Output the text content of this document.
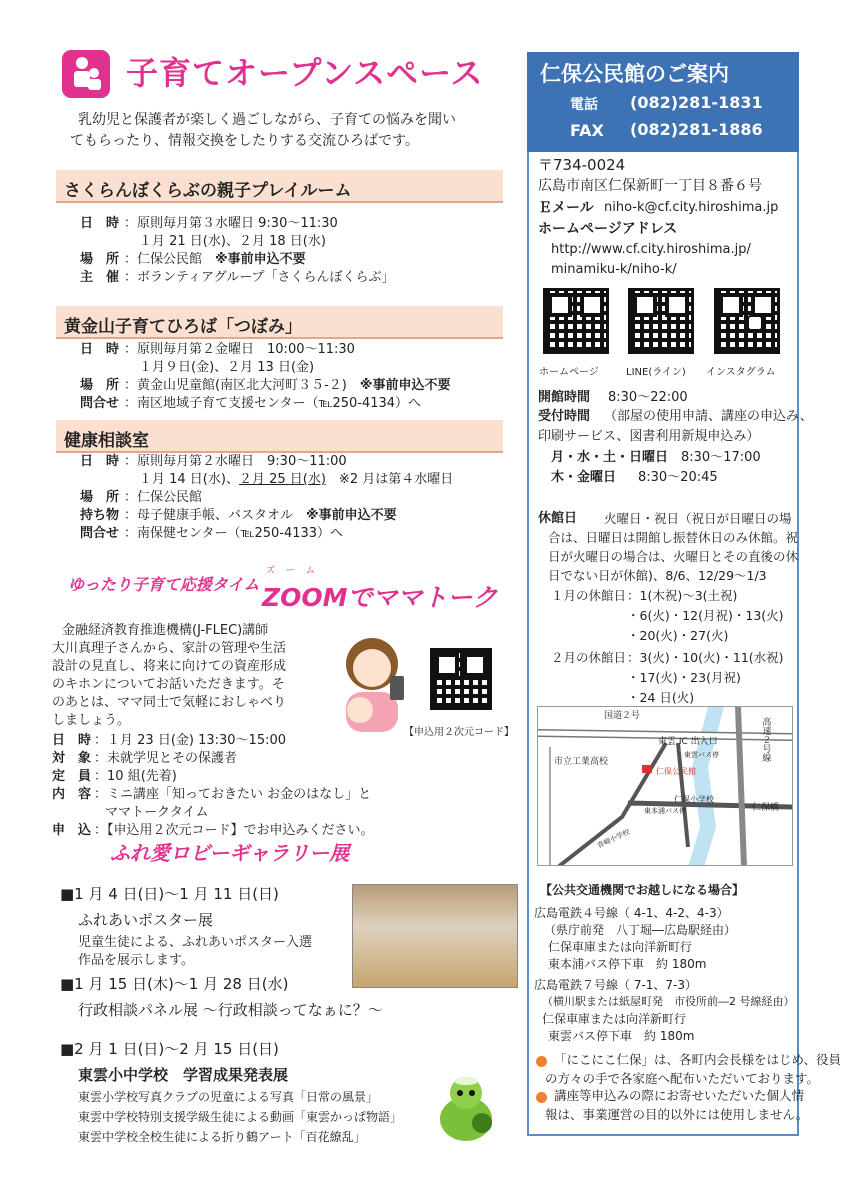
子育てオープンスペース
乳幼児と保護者が楽しく過ごしながら、子育ての悩みを聞い
てもらったり、情報交換をしたりする交流ひろばです。
さくらんぼくらぶの親子プレイルーム
日　時 ：原則毎月第３水曜日 9:30～11:30
１月 21 日(水)、２月 18 日(水)
場　所 ：仁保公民館　 ※事前申込不要
主　催 ：ボランティアグループ「さくらんぼくらぶ」
黄金山子育てひろば「つぼみ」
日　時 ：原則毎月第２金曜日　10:00～11:30
１月９日(金)、２月 13 日(金)
場　所 ：黄金山児童館(南区北大河町３５-２)　 ※事前申込不要
問合せ ：南区地域子育て支援センター（℡250-4134）へ
健康相談室
日　時 ：原則毎月第２水曜日　9:30～11:00
１月 14 日(水)、２月 25 日(水)　 ※2 月は第４水曜日
場　所 ：仁保公民館
持ち物 ：母子健康手帳、バスタオル　 ※事前申込不要
問合せ ：南保健センター（℡250-4133）へ
ゆったり子育て応援タイム
ズ ー ム
ZOOMでママトーク
金融経済教育推進機構(J-FLEC)講師
大川真理子さんから、家計の管理や生活
設計の見直し、将来に向けての資産形成
のキホンについてお話いただきます。そ
のあとは、ママ同士で気軽におしゃべり
しましょう。
【申込用２次元コード】
日　時 ：１月 23 日(金) 13:30～15:00
対　象 ：未就学児とその保護者
定　員 ：10 組(先着)
内　容 ：ミニ講座「知っておきたい お金のはなし」と
ママトークタイム
申　込 ：【申込用２次元コード】でお申込みください。
ふれ愛ロビーギャラリー展
■1 月 4 日(日)～1 月 11 日(日)
ふれあいポスター展
児童生徒による、ふれあいポスター入選
作品を展示します。
■1 月 15 日(木)～1 月 28 日(水)
行政相談パネル展 ～行政相談ってなぁに？～
■2 月 1 日(日)～2 月 15 日(日)
東雲小中学校　学習成果発表展
東雲小学校写真クラブの児童による写真「日常の風景」
東雲中学校特別支援学級生徒による動画「東雲かっぱ物語」
東雲中学校全校生徒による折り鶴アート「百花繚乱」
仁保公民館のご案内
電話 (082)281-1831
FAX (082)281-1886
〒734-0024
広島市南区仁保新町一丁目８番６号
Ｅメール niho-k@cf.city.hiroshima.jp
ホームページアドレス
http://www.cf.city.hiroshima.jp/
minamiku-k/niho-k/
ホームページ	LINE(ライン) インスタグラム
開館時間 8:30～22:00
受付時間 （部屋の使用申請、講座の申込み、
印刷サービス、図書利用新規申込み）
月・水・土・日曜日 8:30～17:00
木・金曜日 8:30～20:45
休館日 火曜日・祝日（祝日が日曜日の場
合は、日曜日は開館し振替休日のみ休館。祝
日が火曜日の場合は、火曜日とその直後の休
日でない日が休館)、8/6、12/29～1/3
１月の休館日 ：1(木祝)～3(土祝)
・6(火)・12(月祝)・13(火)
・20(火)・27(火)
２月の休館日 ：3(火)・10(火)・11(水祝)
・17(火)・23(月祝)
・24 日(火)
国道２号
東雲 IC 出入口
東雲バス停
市立工業高校
仁保公民館
仁保小学校
東本浦バス停
高速２号線
仁保橋
青崎小学校
【公共交通機関でお越しになる場合】
広島電鉄４号線（ 4-1、4-2、4-3）
（県庁前発　八丁堀―広島駅経由）
仁保車庫または向洋新町行
東本浦バス停下車　約 180m
広島電鉄７号線（ 7-1、7-3）
（横川駅または紙屋町発　市役所前―2 号線経由）
仁保車庫または向洋新町行
東雲バス停下車　約 180m
「にこにこ仁保」は、各町内会長様をはじめ、役員
の方々の手で各家庭へ配布いただいております。
講座等申込みの際にお寄せいただいた個人情
報は、事業運営の目的以外には使用しません。
